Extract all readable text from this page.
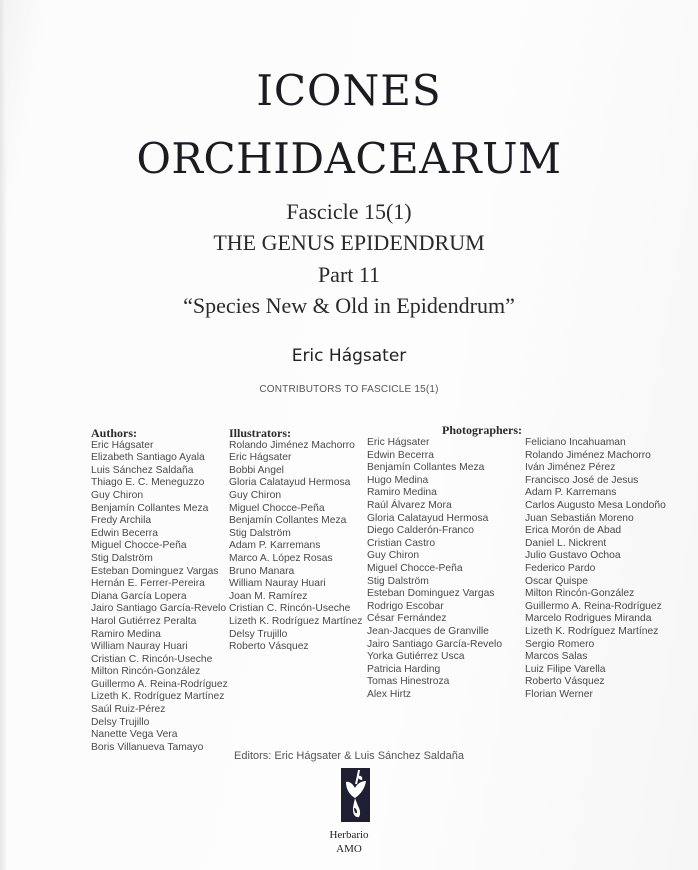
ICONES
ORCHIDACEARUM
Fascicle 15(1)
THE GENUS EPIDENDRUM
Part 11
“Species New & Old in Epidendrum”
Eric Hágsater
CONTRIBUTORS TO FASCICLE 15(1)
Authors:
Eric Hágsater
Elizabeth Santiago Ayala
Luis Sánchez Saldaña
Thiago E. C. Meneguzzo
Guy Chiron
Benjamín Collantes Meza
Fredy Archila
Edwin Becerra
Miguel Chocce-Peña
Stig Dalström
Esteban Dominguez Vargas
Hernán E. Ferrer-Pereira
Diana García Lopera
Jairo Santiago García-Revelo
Harol Gutiérrez Peralta
Ramiro Medina
William Nauray Huari
Cristian C. Rincón-Useche
Milton Rincón-González
Guillermo A. Reina-Rodríguez
Lizeth K. Rodríguez Martínez
Saúl Ruiz-Pérez
Delsy Trujillo
Nanette Vega Vera
Boris Villanueva Tamayo
Illustrators:
Rolando Jiménez Machorro
Eric Hágsater
Bobbi Angel
Gloria Calatayud Hermosa
Guy Chiron
Miguel Chocce-Peña
Benjamín Collantes Meza
Stig Dalström
Adam P. Karremans
Marco A. López Rosas
Bruno Manara
William Nauray Huari
Joan M. Ramírez
Cristian C. Rincón-Useche
Lizeth K. Rodríguez Martínez
Delsy Trujillo
Roberto Vásquez
Photographers:
Eric Hágsater
Edwin Becerra
Benjamín Collantes Meza
Hugo Medina
Ramiro Medina
Raúl Álvarez Mora
Gloria Calatayud Hermosa
Diego Calderón-Franco
Cristian Castro
Guy Chiron
Miguel Chocce-Peña
Stig Dalström
Esteban Dominguez Vargas
Rodrigo Escobar
César Fernández
Jean-Jacques de Granville
Jairo Santiago García-Revelo
Yorka Gutiérrez Usca
Patricia Harding
Tomas Hinestroza
Alex Hirtz
Feliciano Incahuaman
Rolando Jiménez Machorro
Iván Jiménez Pérez
Francisco José de Jesus
Adam P. Karremans
Carlos Augusto Mesa Londoño
Juan Sebastián Moreno
Erica Morón de Abad
Daniel L. Nickrent
Julio Gustavo Ochoa
Federico Pardo
Oscar Quispe
Milton Rincón-González
Guillermo A. Reina-Rodríguez
Marcelo Rodrigues Miranda
Lizeth K. Rodríguez Martínez
Sergio Romero
Marcos Salas
Luiz Filipe Varella
Roberto Vásquez
Florian Werner
Editors: Eric Hágsater & Luis Sánchez Saldaña
Herbario
AMO
